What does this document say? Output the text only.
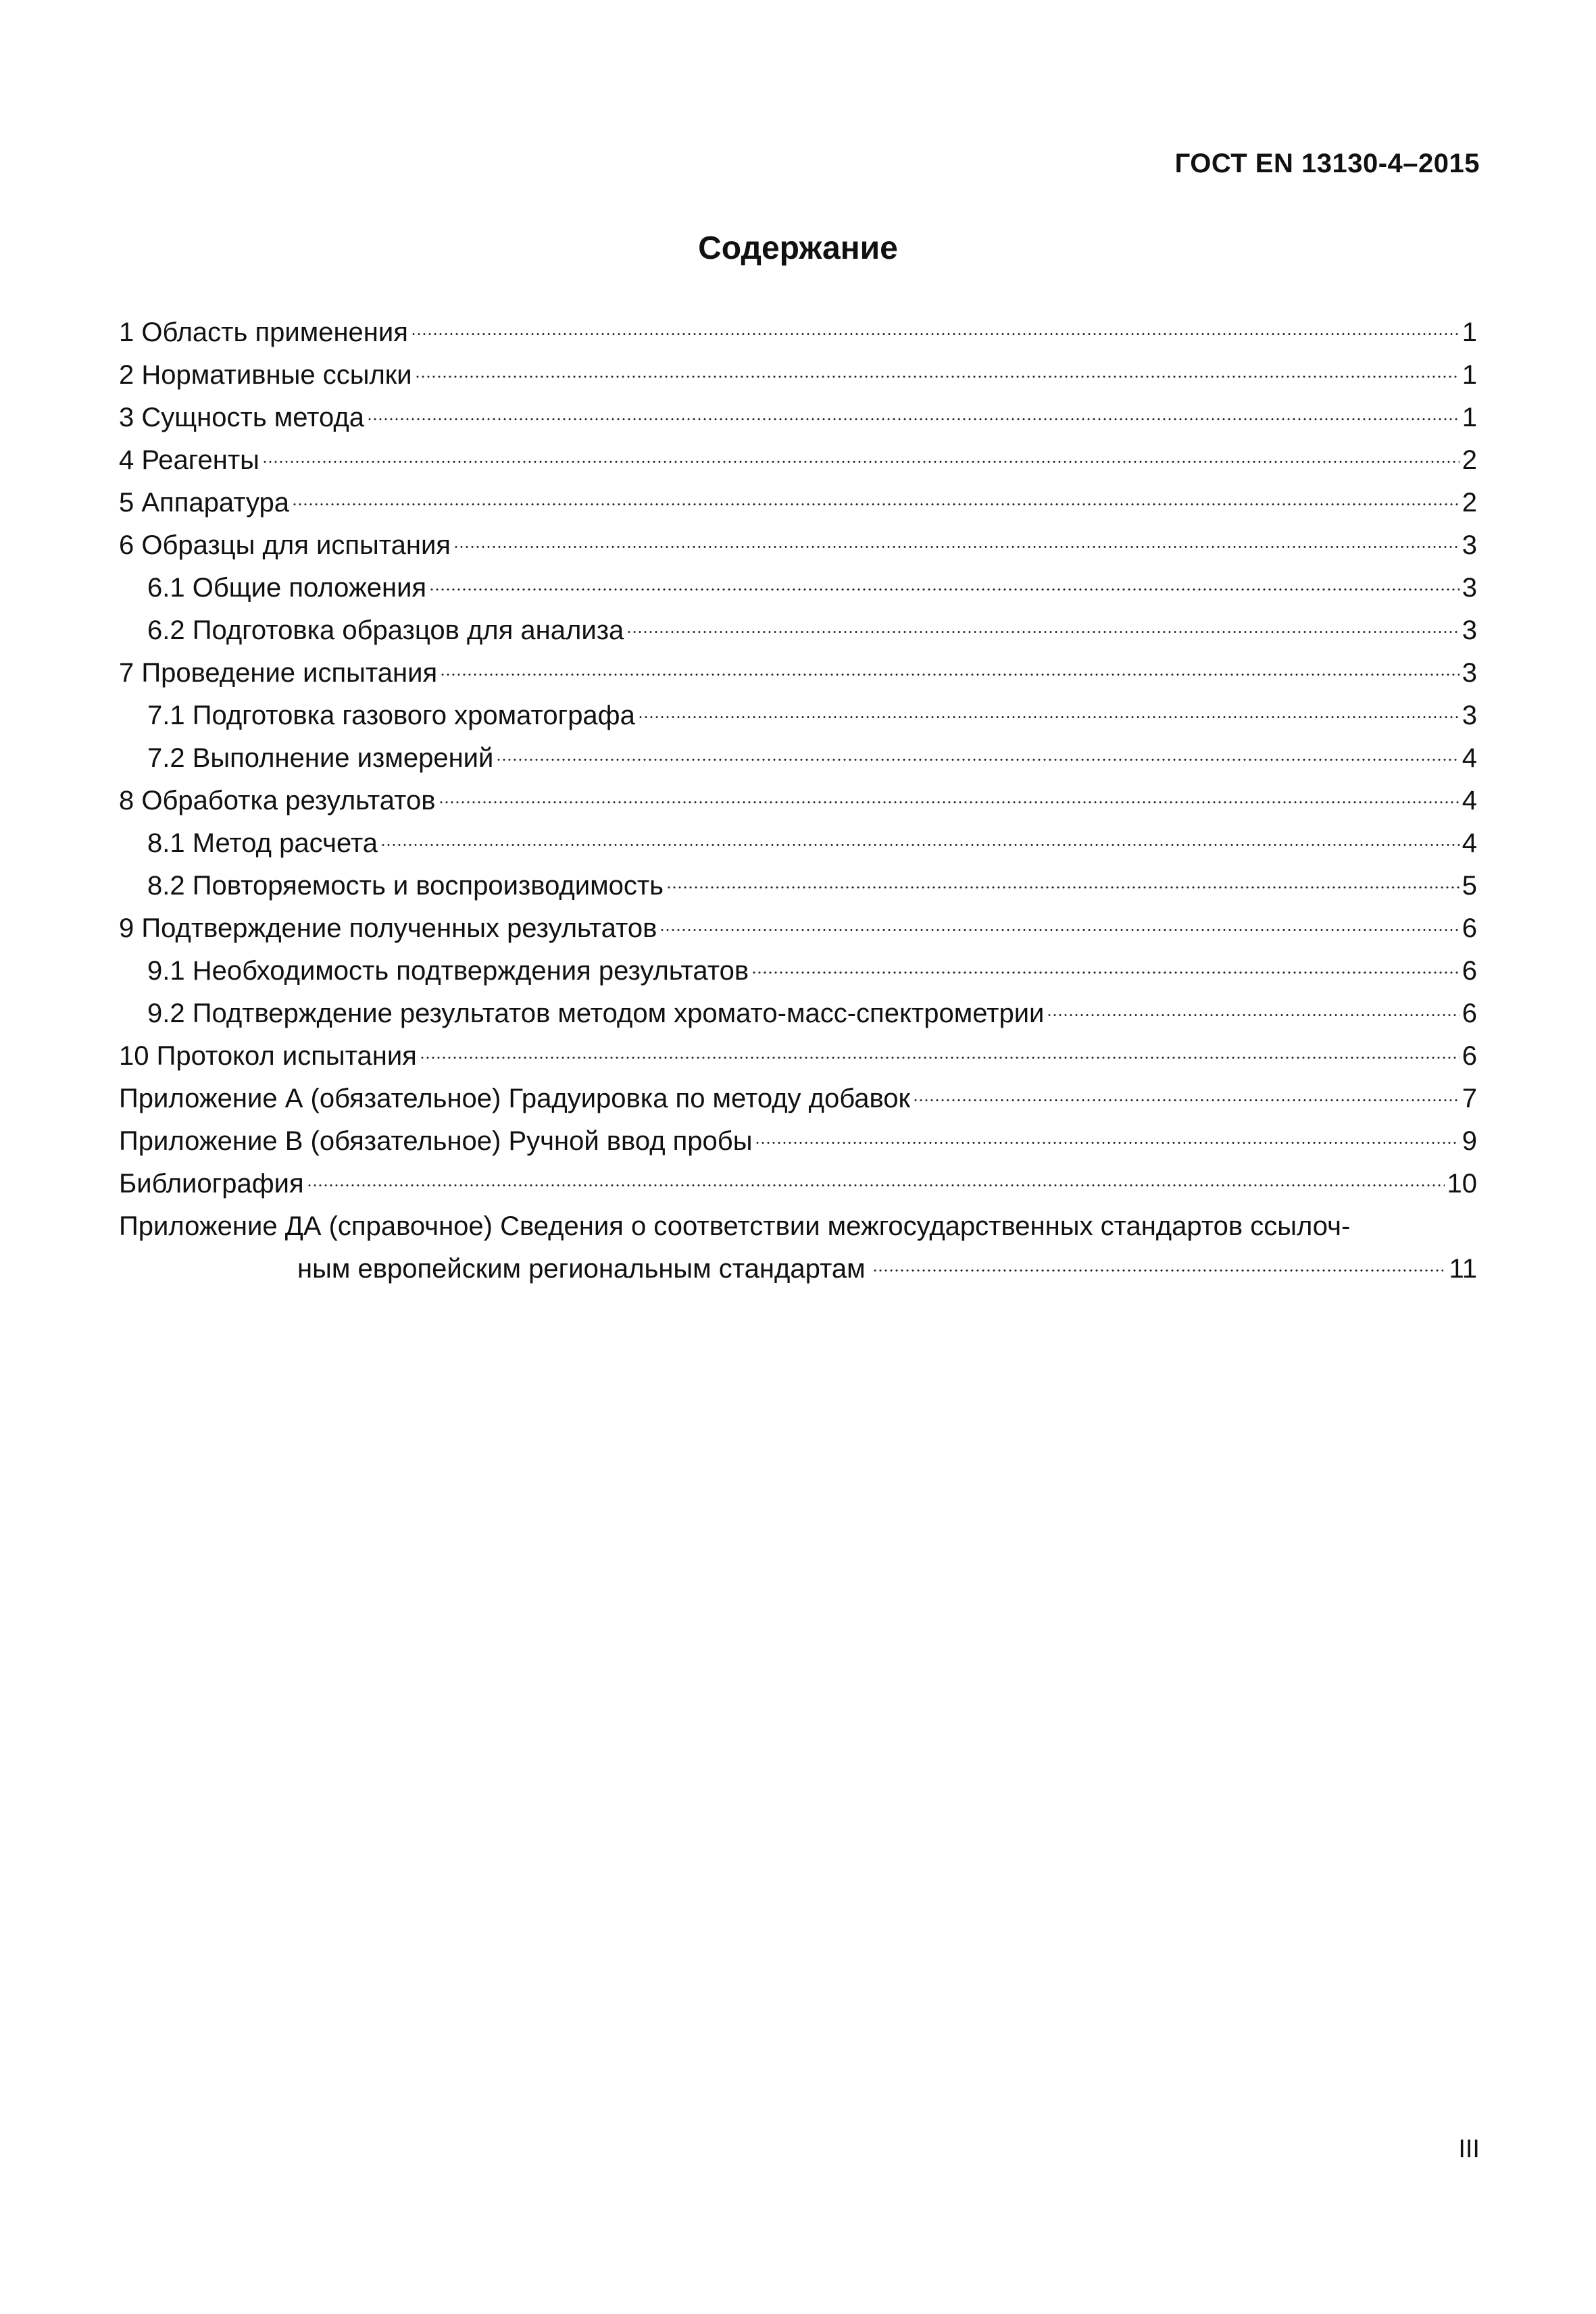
ГОСТ EN 13130-4–2015
Содержание
1 Область применения	1
2 Нормативные ссылки	1
3 Сущность метода	1
4 Реагенты	2
5 Аппаратура	2
6 Образцы для испытания	3
6.1 Общие положения	3
6.2 Подготовка образцов для анализа	3
7 Проведение испытания	3
7.1 Подготовка газового хроматографа	3
7.2 Выполнение измерений	4
8 Обработка результатов	4
8.1 Метод расчета	4
8.2 Повторяемость и воспроизводимость	5
9 Подтверждение полученных результатов	6
9.1 Необходимость подтверждения результатов	6
9.2 Подтверждение результатов методом хромато-масс-спектрометрии	6
10 Протокол испытания	6
Приложение А (обязательное) Градуировка по методу добавок	7
Приложение В (обязательное) Ручной ввод пробы	9
Библиография	10
Приложение ДА (справочное) Сведения о соответствии межгосударственных стандартов ссылоч-
ным европейским региональным стандартам	11
III
